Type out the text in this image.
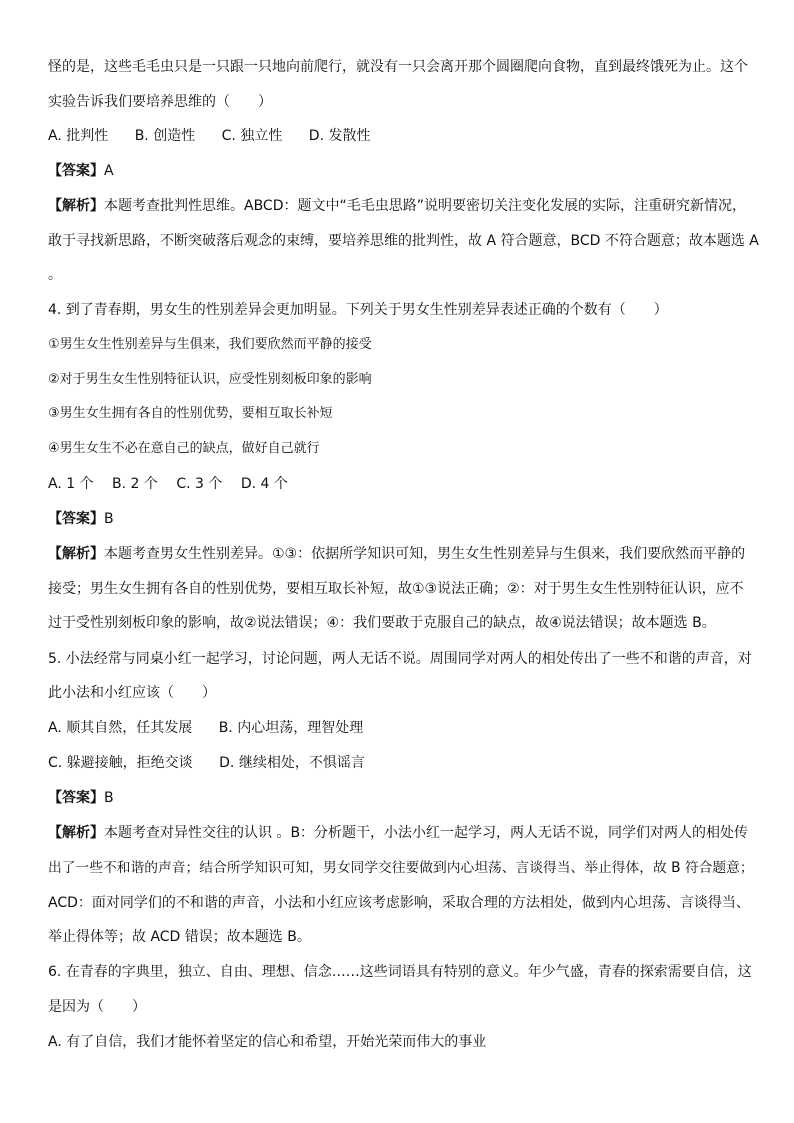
怪的是，这些毛毛虫只是一只跟一只地向前爬行，就没有一只会离开那个圆圈爬向食物，直到最终饿死为止。这个
实验告诉我们要培养思维的（　　）
A. 批判性 B. 创造性 C. 独立性 D. 发散性
【答案】A
【解析】本题考查批判性思维。ABCD：题文中“毛毛虫思路”说明要密切关注变化发展的实际，注重研究新情况，
敢于寻找新思路，不断突破落后观念的束缚，要培养思维的批判性，故 A 符合题意，BCD 不符合题意；故本题选 A
。
4. 到了青春期，男女生的性别差异会更加明显。下列关于男女生性别差异表述正确的个数有（　　）
①男生女生性别差异与生俱来，我们要欣然而平静的接受
②对于男生女生性别特征认识，应受性别刻板印象的影响
③男生女生拥有各自的性别优势，要相互取长补短
④男生女生不必在意自己的缺点，做好自己就行
A. 1 个 B. 2 个 C. 3 个 D. 4 个
【答案】B
【解析】本题考查男女生性别差异。①③：依据所学知识可知，男生女生性别差异与生俱来，我们要欣然而平静的
接受；男生女生拥有各自的性别优势，要相互取长补短，故①③说法正确；②：对于男生女生性别特征认识，应不
过于受性别刻板印象的影响，故②说法错误；④：我们要敢于克服自己的缺点，故④说法错误；故本题选 B。
5. 小法经常与同桌小红一起学习，讨论问题，两人无话不说。周围同学对两人的相处传出了一些不和谐的声音，对
此小法和小红应该（　　）
A. 顺其自然，任其发展 B. 内心坦荡，理智处理
C. 躲避接触，拒绝交谈 D. 继续相处，不惧谣言
【答案】B
【解析】本题考查对异性交往的认识 。B：分析题干，小法小红一起学习，两人无话不说，同学们对两人的相处传
出了一些不和谐的声音；结合所学知识可知，男女同学交往要做到内心坦荡、言谈得当、举止得体，故 B 符合题意；
ACD：面对同学们的不和谐的声音，小法和小红应该考虑影响，采取合理的方法相处，做到内心坦荡、言谈得当、
举止得体等；故 ACD 错误；故本题选 B。
6. 在青春的字典里，独立、自由、理想、信念……这些词语具有特别的意义。年少气盛，青春的探索需要自信，这
是因为（　　）
A. 有了自信，我们才能怀着坚定的信心和希望，开始光荣而伟大的事业
